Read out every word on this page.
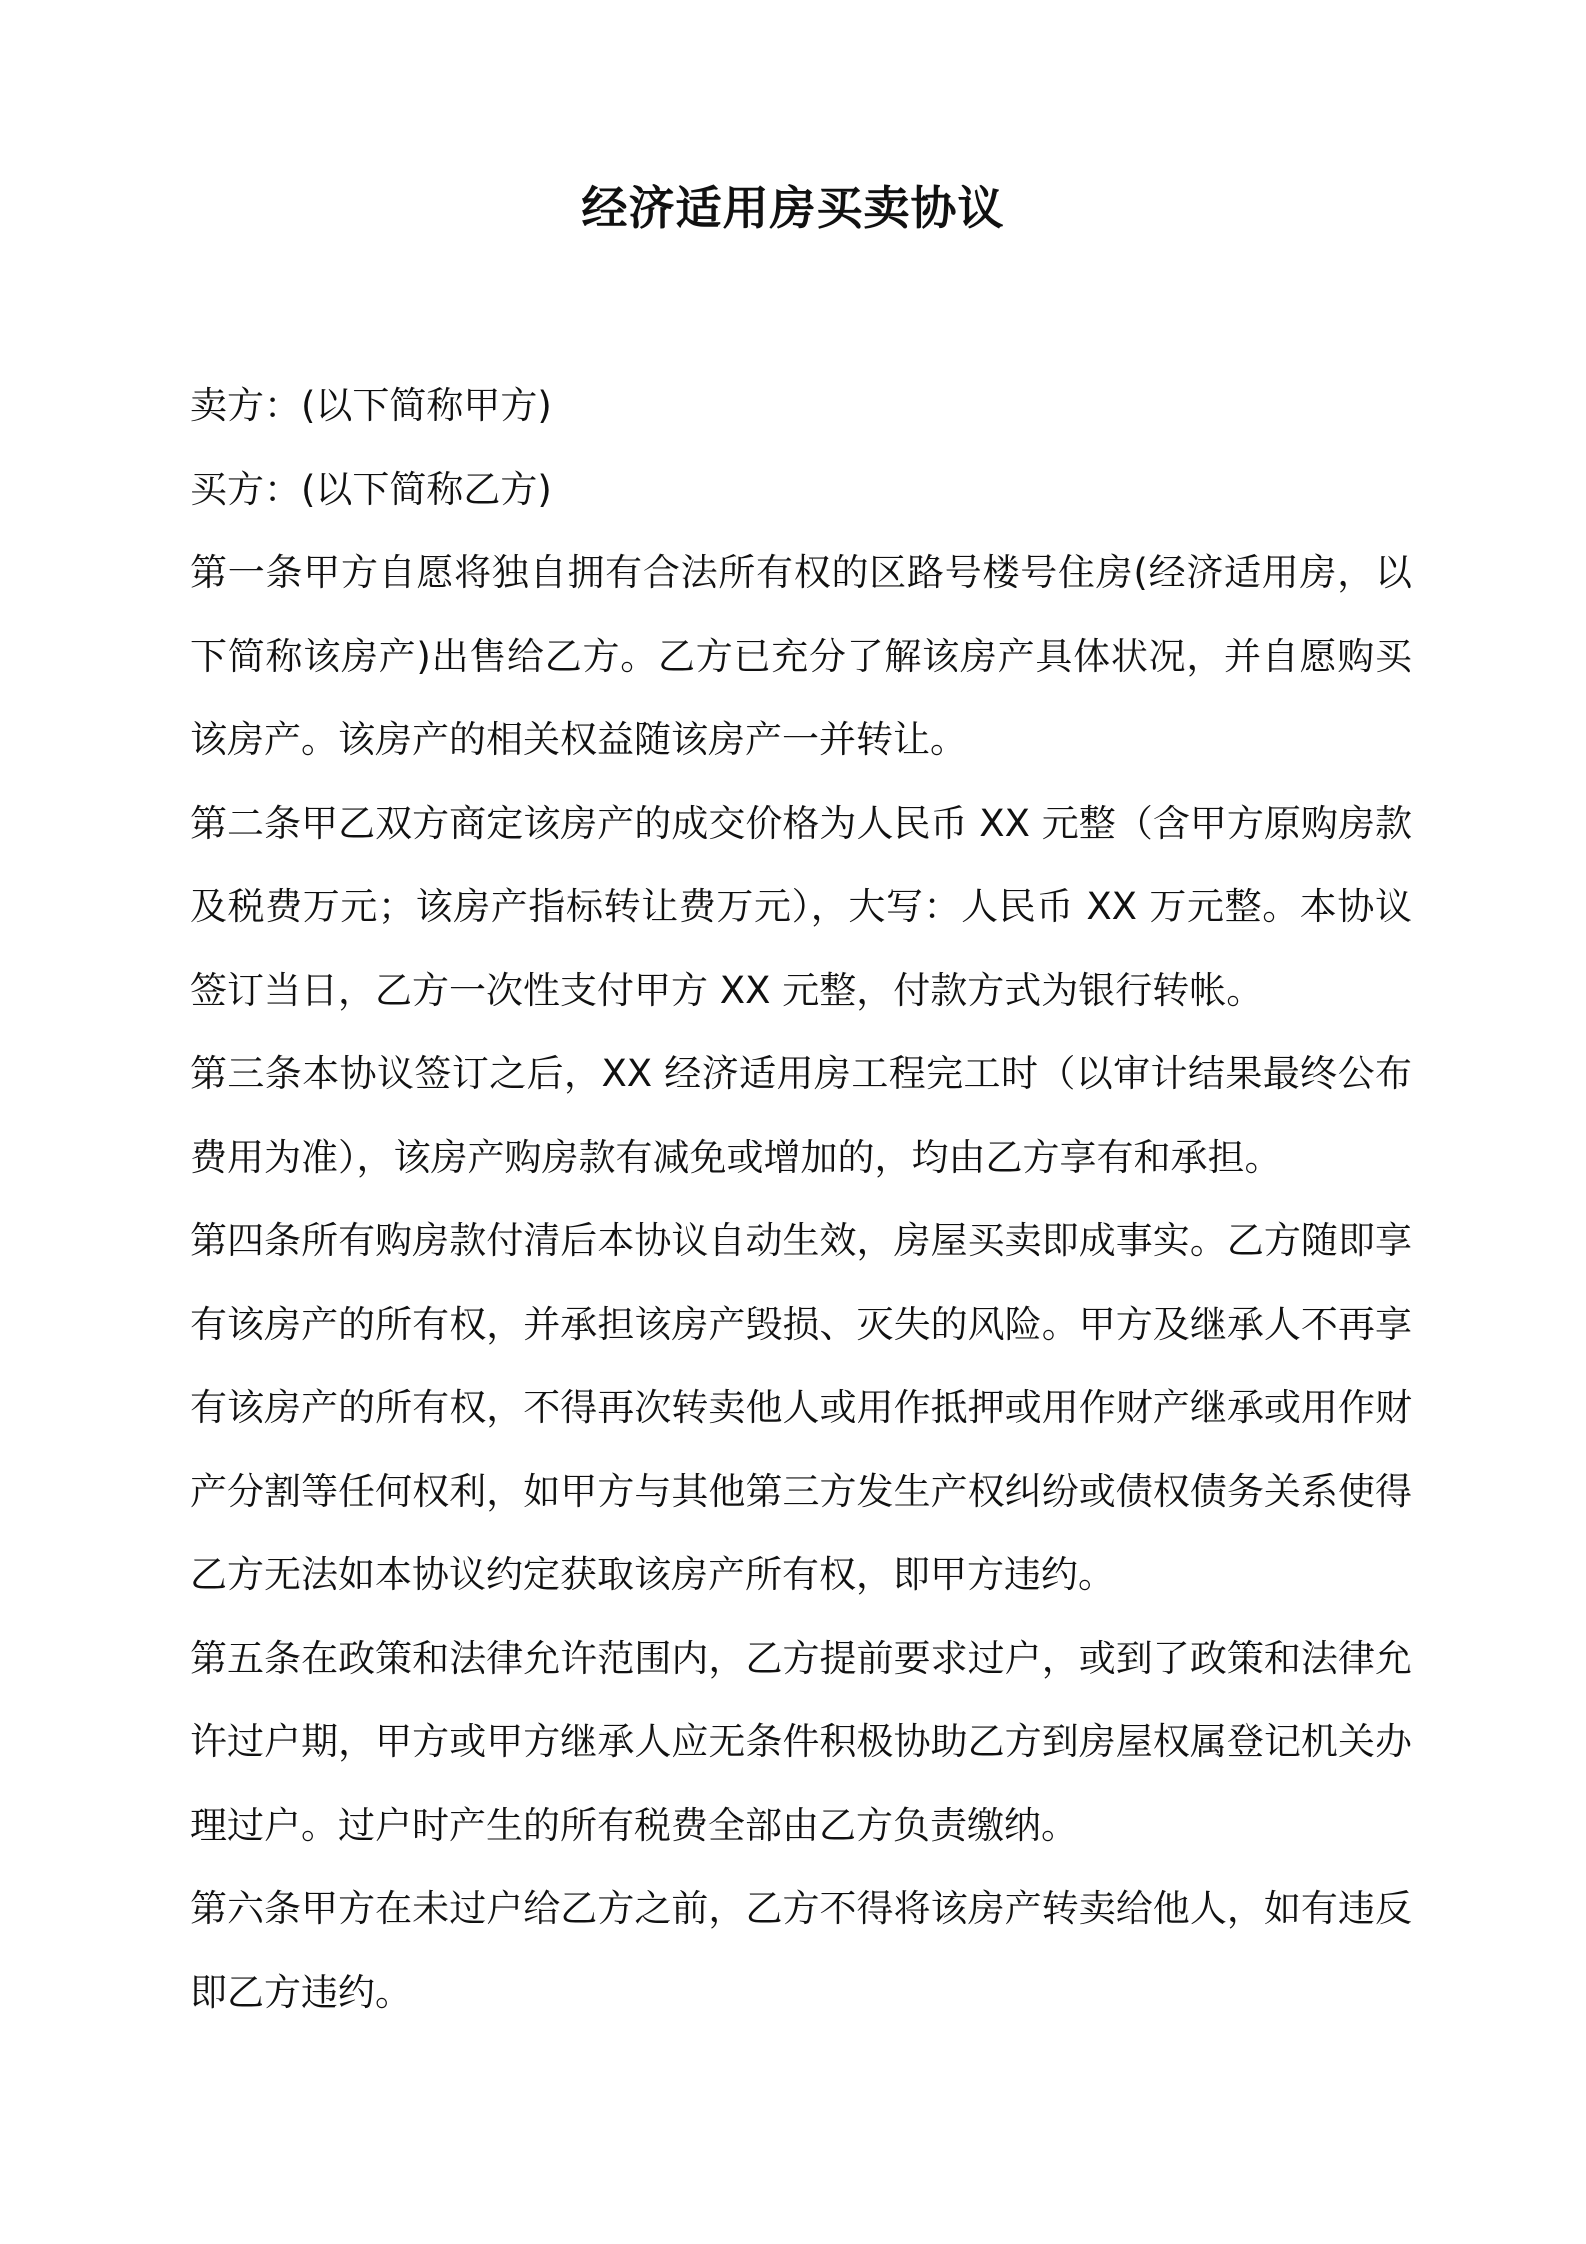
经济适用房买卖协议

卖方：(以下简称甲方)

买方：(以下简称乙方)

第一条甲方自愿将独自拥有合法所有权的区路号楼号住房(经济适用房，以下简称该房产)出售给乙方。乙方已充分了解该房产具体状况，并自愿购买该房产。该房产的相关权益随该房产一并转让。

第二条甲乙双方商定该房产的成交价格为人民币 XX 元整（含甲方原购房款及税费万元；该房产指标转让费万元），大写：人民币 XX 万元整。本协议签订当日，乙方一次性支付甲方 XX 元整，付款方式为银行转帐。

第三条本协议签订之后，XX 经济适用房工程完工时（以审计结果最终公布费用为准），该房产购房款有减免或增加的，均由乙方享有和承担。

第四条所有购房款付清后本协议自动生效，房屋买卖即成事实。乙方随即享有该房产的所有权，并承担该房产毁损、灭失的风险。甲方及继承人不再享有该房产的所有权，不得再次转卖他人或用作抵押或用作财产继承或用作财产分割等任何权利，如甲方与其他第三方发生产权纠纷或债权债务关系使得乙方无法如本协议约定获取该房产所有权，即甲方违约。

第五条在政策和法律允许范围内，乙方提前要求过户，或到了政策和法律允许过户期，甲方或甲方继承人应无条件积极协助乙方到房屋权属登记机关办理过户。过户时产生的所有税费全部由乙方负责缴纳。

第六条甲方在未过户给乙方之前，乙方不得将该房产转卖给他人，如有违反即乙方违约。
